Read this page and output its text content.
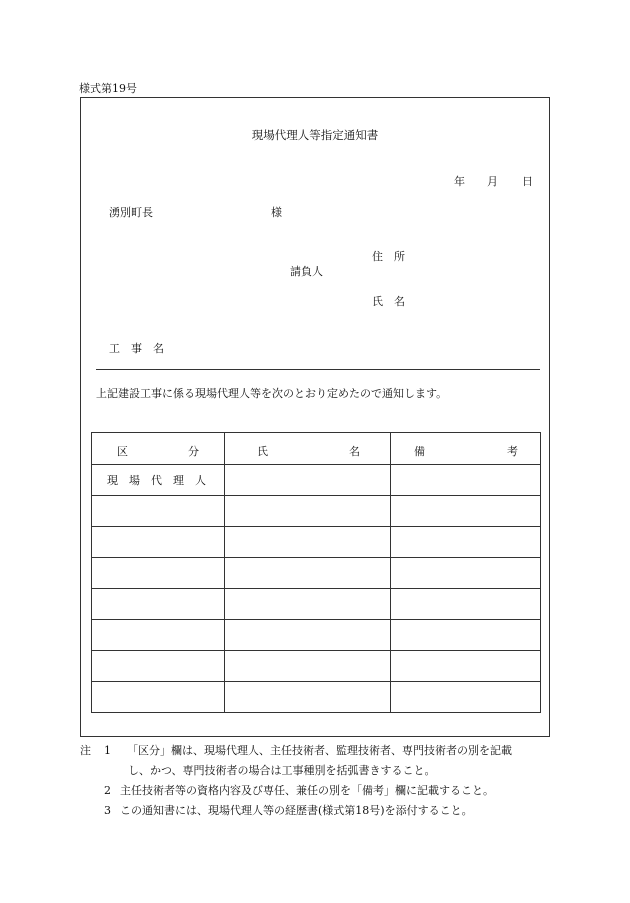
様式第19号
現場代理人等指定通知書
年 月 日
湧別町長	様
住　所
請負人
氏　名
工　事　名
上記建設工事に係る現場代理人等を次のとおり定めたので通知します。
区 分	氏 名	備 考

現　場　代　理　人		

注 1 「区分」欄は、現場代理人、主任技術者、監理技術者、専門技術者の別を記載
し、かつ、専門技術者の場合は工事種別を括弧書きすること。
2 主任技術者等の資格内容及び専任、兼任の別を「備考」欄に記載すること。
3 この通知書には、現場代理人等の経歴書(様式第18号)を添付すること。
